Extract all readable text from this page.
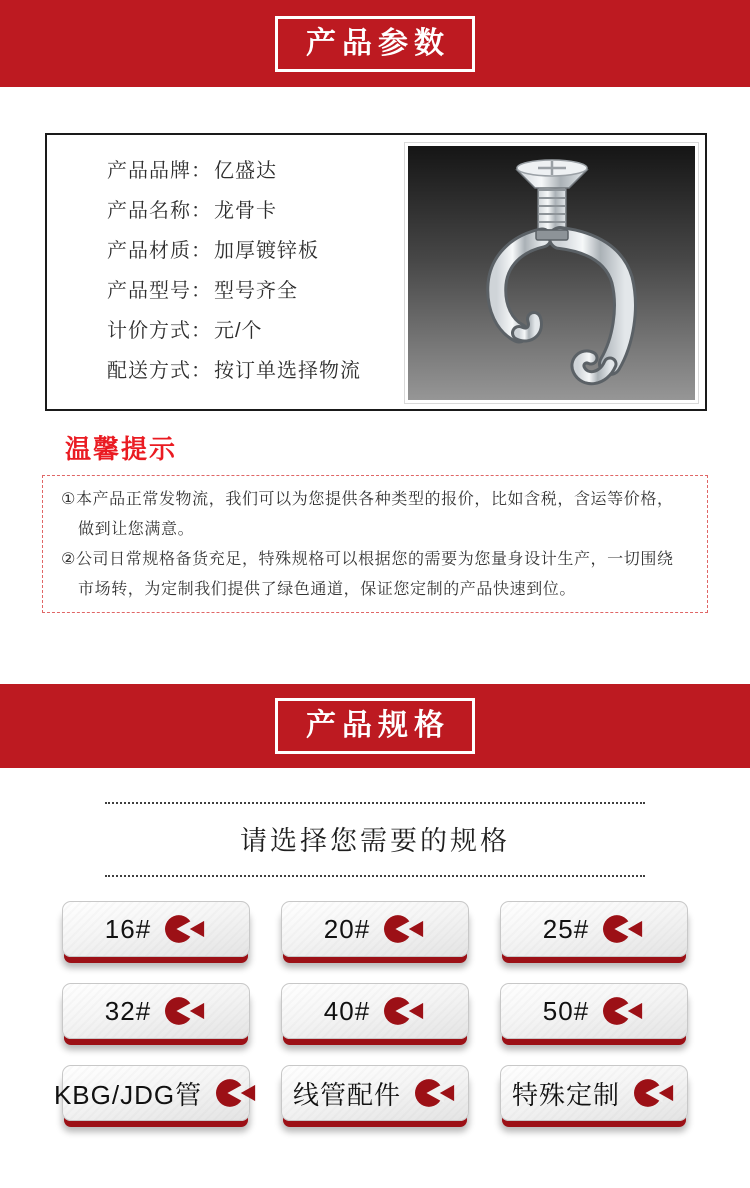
产品参数
产品品牌： 亿盛达
产品名称： 龙骨卡
产品材质： 加厚镀锌板
产品型号： 型号齐全
计价方式： 元/个
配送方式： 按订单选择物流
温馨提示

①本产品正常发物流，我们可以为您提供各种类型的报价，比如含税，含运等价格，做到让您满意。

②公司日常规格备货充足，特殊规格可以根据您的需要为您量身设计生产，一切围绕市场转，为定制我们提供了绿色通道，保证您定制的产品快速到位。

产品规格
请选择您需要的规格
16#	20#	25#
32#	40#	50#
KBG/JDG管	线管配件	特殊定制
